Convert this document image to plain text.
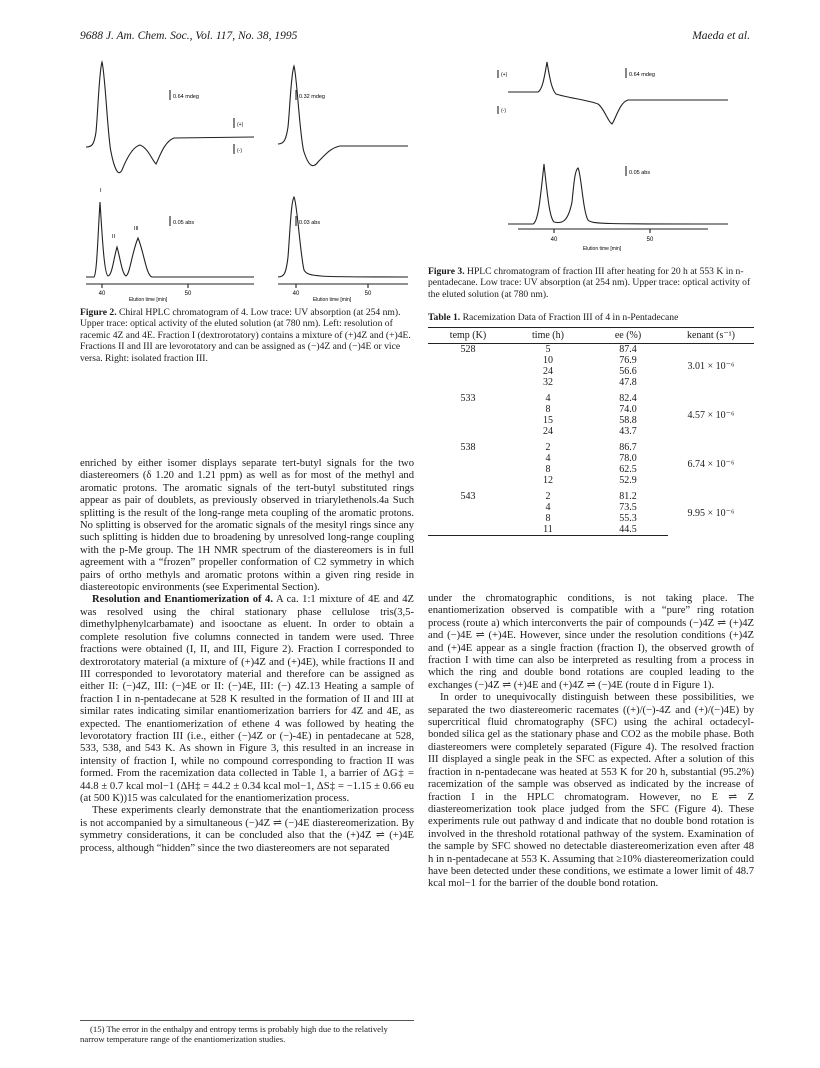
9688 J. Am. Chem. Soc., Vol. 117, No. 38, 1995	Maeda et al.
0.64 mdeg	0.32 mdeg
0.05 abs	0.03 abs
(+)
(-)
I
II
III
40	50	40	50
Elution time [min]	Elution time [min]
Figure 2. Chiral HPLC chromatogram of 4. Low trace: UV absorption (at 254 nm). Upper trace: optical activity of the eluted solution (at 780 nm). Left: resolution of racemic 4Z and 4E. Fraction I (dextrorotatory) contains a mixture of (+)4Z and (+)4E. Fractions II and III are levorotatory and can be assigned as (−)4Z and (−)4E or vice versa. Right: isolated fraction III.

enriched by either isomer displays separate tert-butyl signals for the two diastereomers (δ 1.20 and 1.21 ppm) as well as for most of the methyl and aromatic protons. The aromatic signals of the tert-butyl substituted rings appear as pair of doublets, as previously observed in triarylethenols.4a Such splitting is the result of the long-range meta coupling of the aromatic protons. No splitting is observed for the aromatic signals of the mesityl rings since any such splitting is hidden due to broadening by unresolved long-range coupling with the p-Me group. The 1H NMR spectrum of the diastereomers is in full agreement with a “frozen” propeller conformation of C2 symmetry in which pairs of ortho methyls and aromatic protons within a given ring reside in diastereotopic environments (see Experimental Section).

Resolution and Enantiomerization of 4. A ca. 1:1 mixture of 4E and 4Z was resolved using the chiral stationary phase cellulose tris(3,5-dimethylphenylcarbamate) and isooctane as eluent. In order to obtain a complete resolution five columns connected in tandem were used. Three fractions were obtained (I, II, and III, Figure 2). Fraction I corresponded to dextrorotatory material (a mixture of (+)4Z and (+)4E), while fractions II and III corresponded to levorotatory material and therefore can be assigned as either II: (−)4Z, III: (−)4E or II: (−)4E, III: (−) 4Z.13 Heating a sample of fraction I in n-pentadecane at 528 K resulted in the formation of II and III at similar rates indicating similar enantiomerization barriers for 4Z and 4E, as expected. The enantiomerization of ethene 4 was followed by heating the levorotatory fraction III (i.e., either (−)4Z or (−)-4E) in pentadecane at 528, 533, 538, and 543 K. As shown in Figure 3, this resulted in an increase in intensity of fraction I, while no compound corresponding to fraction II was formed. From the racemization data collected in Table 1, a barrier of ΔG‡ = 44.8 ± 0.7 kcal mol−1 (ΔH‡ = 44.2 ± 0.34 kcal mol−1, ΔS‡ = −1.15 ± 0.66 eu (at 500 K))15 was calculated for the enantiomerization process.

These experiments clearly demonstrate that the enantiomerization process is not accompanied by a simultaneous (−)4Z ⇌ (−)4E diastereomerization. By symmetry considerations, it can be concluded also that the (+)4Z ⇌ (+)4E process, although “hidden” since the two diastereomers are not separated

(15) The error in the enthalpy and entropy terms is probably high due to the relatively narrow temperature range of the enantiomerization studies.
0.64 mdeg
0.05 abs
(+)
(-)
40	50
Elution time [min]
Figure 3. HPLC chromatogram of fraction III after heating for 20 h at 553 K in n-pentadecane. Low trace: UV absorption (at 254 nm). Upper trace: optical activity of the eluted solution (at 780 nm).
Table 1. Racemization Data of Fraction III of 4 in n-Pentadecane
temp (K)	time (h)	ee (%)	kenant (s⁻¹)
528	5	87.4	3.01 × 10⁻⁶
	10	76.9	
	24	56.6	
	32	47.8	
533	4	82.4	4.57 × 10⁻⁶
	8	74.0	
	15	58.8	
	24	43.7	
538	2	86.7	6.74 × 10⁻⁶
	4	78.0	
	8	62.5	
	12	52.9	
543	2	81.2	9.95 × 10⁻⁶
	4	73.5	
	8	55.3	
	11	44.5	

under the chromatographic conditions, is not taking place. The enantiomerization observed is compatible with a “pure” ring rotation process (route a) which interconverts the pair of compounds (−)4Z ⇌ (+)4Z and (−)4E ⇌ (+)4E. However, since under the resolution conditions (+)4Z and (+)4E appear as a single fraction (fraction I), the observed growth of fraction I with time can also be interpreted as resulting from a process in which the ring and double bond rotations are coupled leading to the exchanges (−)4Z ⇌ (+)4E and (+)4Z ⇌ (−)4E (route d in Figure 1).

In order to unequivocally distinguish between these possibilities, we separated the two diastereomeric racemates ((+)/(−)-4Z and (+)/(−)4E) by supercritical fluid chromatography (SFC) using the achiral octadecyl-bonded silica gel as the stationary phase and CO2 as the mobile phase. Both diastereomers were completely separated (Figure 4). The resolved fraction III displayed a single peak in the SFC as expected. After a solution of this fraction in n-pentadecane was heated at 553 K for 20 h, substantial (95.2%) racemization of the sample was observed as indicated by the increase of fraction I in the HPLC chromatogram. However, no E ⇌ Z diastereomerization took place judged from the SFC (Figure 4). These experiments rule out pathway d and indicate that no double bond rotation is involved in the threshold rotational pathway of the system. Examination of the sample by SFC showed no detectable diastereomerization even after 48 h in n-pentadecane at 553 K. Assuming that ≥10% diastereomerization could have been detected under these conditions, we estimate a lower limit of 48.7 kcal mol−1 for the barrier of the double bond rotation.
